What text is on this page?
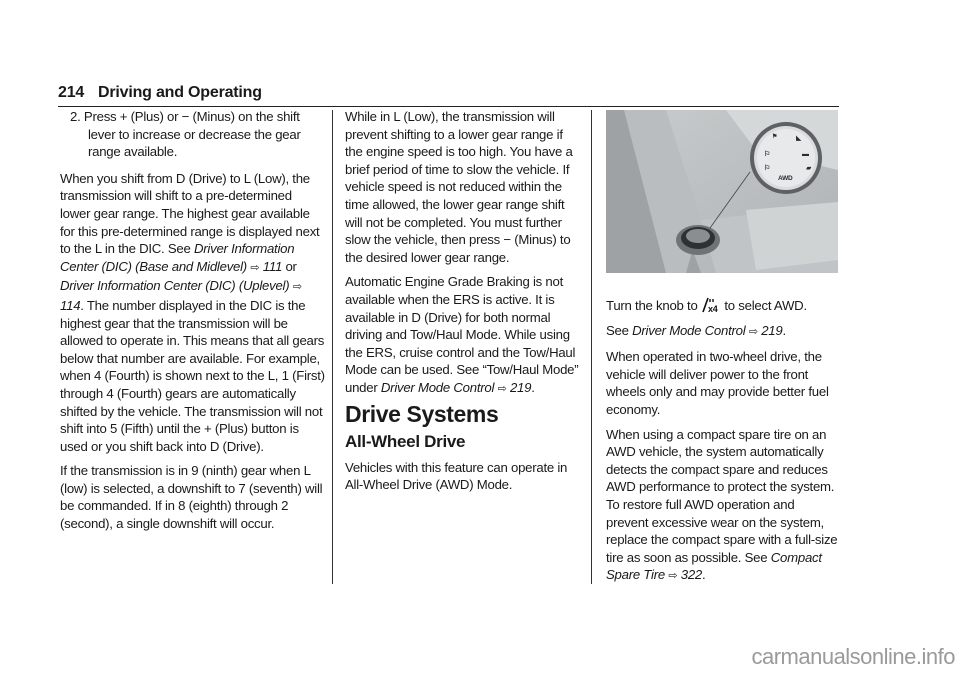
214 Driving and Operating

2. Press + (Plus) or − (Minus) on the shift lever to increase or decrease the gear range available.

When you shift from D (Drive) to L (Low), the transmission will shift to a pre-determined lower gear range. The highest gear available for this pre-determined range is displayed next to the L in the DIC. See Driver Information Center (DIC) (Base and Midlevel) ⇨ 111 or Driver Information Center (DIC) (Uplevel) ⇨ 114. The number displayed in the DIC is the highest gear that the transmission will be allowed to operate in. This means that all gears below that number are available. For example, when 4 (Fourth) is shown next to the L, 1 (First) through 4 (Fourth) gears are automatically shifted by the vehicle. The transmission will not shift into 5 (Fifth) until the + (Plus) button is used or you shift back into D (Drive).

If the transmission is in 9 (ninth) gear when L (low) is selected, a downshift to 7 (seventh) will be commanded. If in 8 (eighth) through 2 (second), a single downshift will occur.

While in L (Low), the transmission will prevent shifting to a lower gear range if the engine speed is too high. You have a brief period of time to slow the vehicle. If vehicle speed is not reduced within the time allowed, the lower gear range shift will not be completed. You must further slow the vehicle, then press − (Minus) to the desired lower gear range.

Automatic Engine Grade Braking is not available when the ERS is active. It is available in D (Drive) for both normal driving and Tow/Haul Mode. While using the ERS, cruise control and the Tow/Haul Mode can be used. See “Tow/Haul Mode” under Driver Mode Control ⇨ 219.

Drive Systems
All-Wheel Drive

Vehicles with this feature can operate in All-Wheel Drive (AWD) Mode.

⚑	◣
⚐	▬
⚐	▰
AWD

Turn the knob to x4 to select AWD.

See Driver Mode Control ⇨ 219.

When operated in two-wheel drive, the vehicle will deliver power to the front wheels only and may provide better fuel economy.

When using a compact spare tire on an AWD vehicle, the system automatically detects the compact spare and reduces AWD performance to protect the system. To restore full AWD operation and prevent excessive wear on the system, replace the compact spare with a full-size tire as soon as possible. See Compact Spare Tire ⇨ 322.

carmanualsonline.info
